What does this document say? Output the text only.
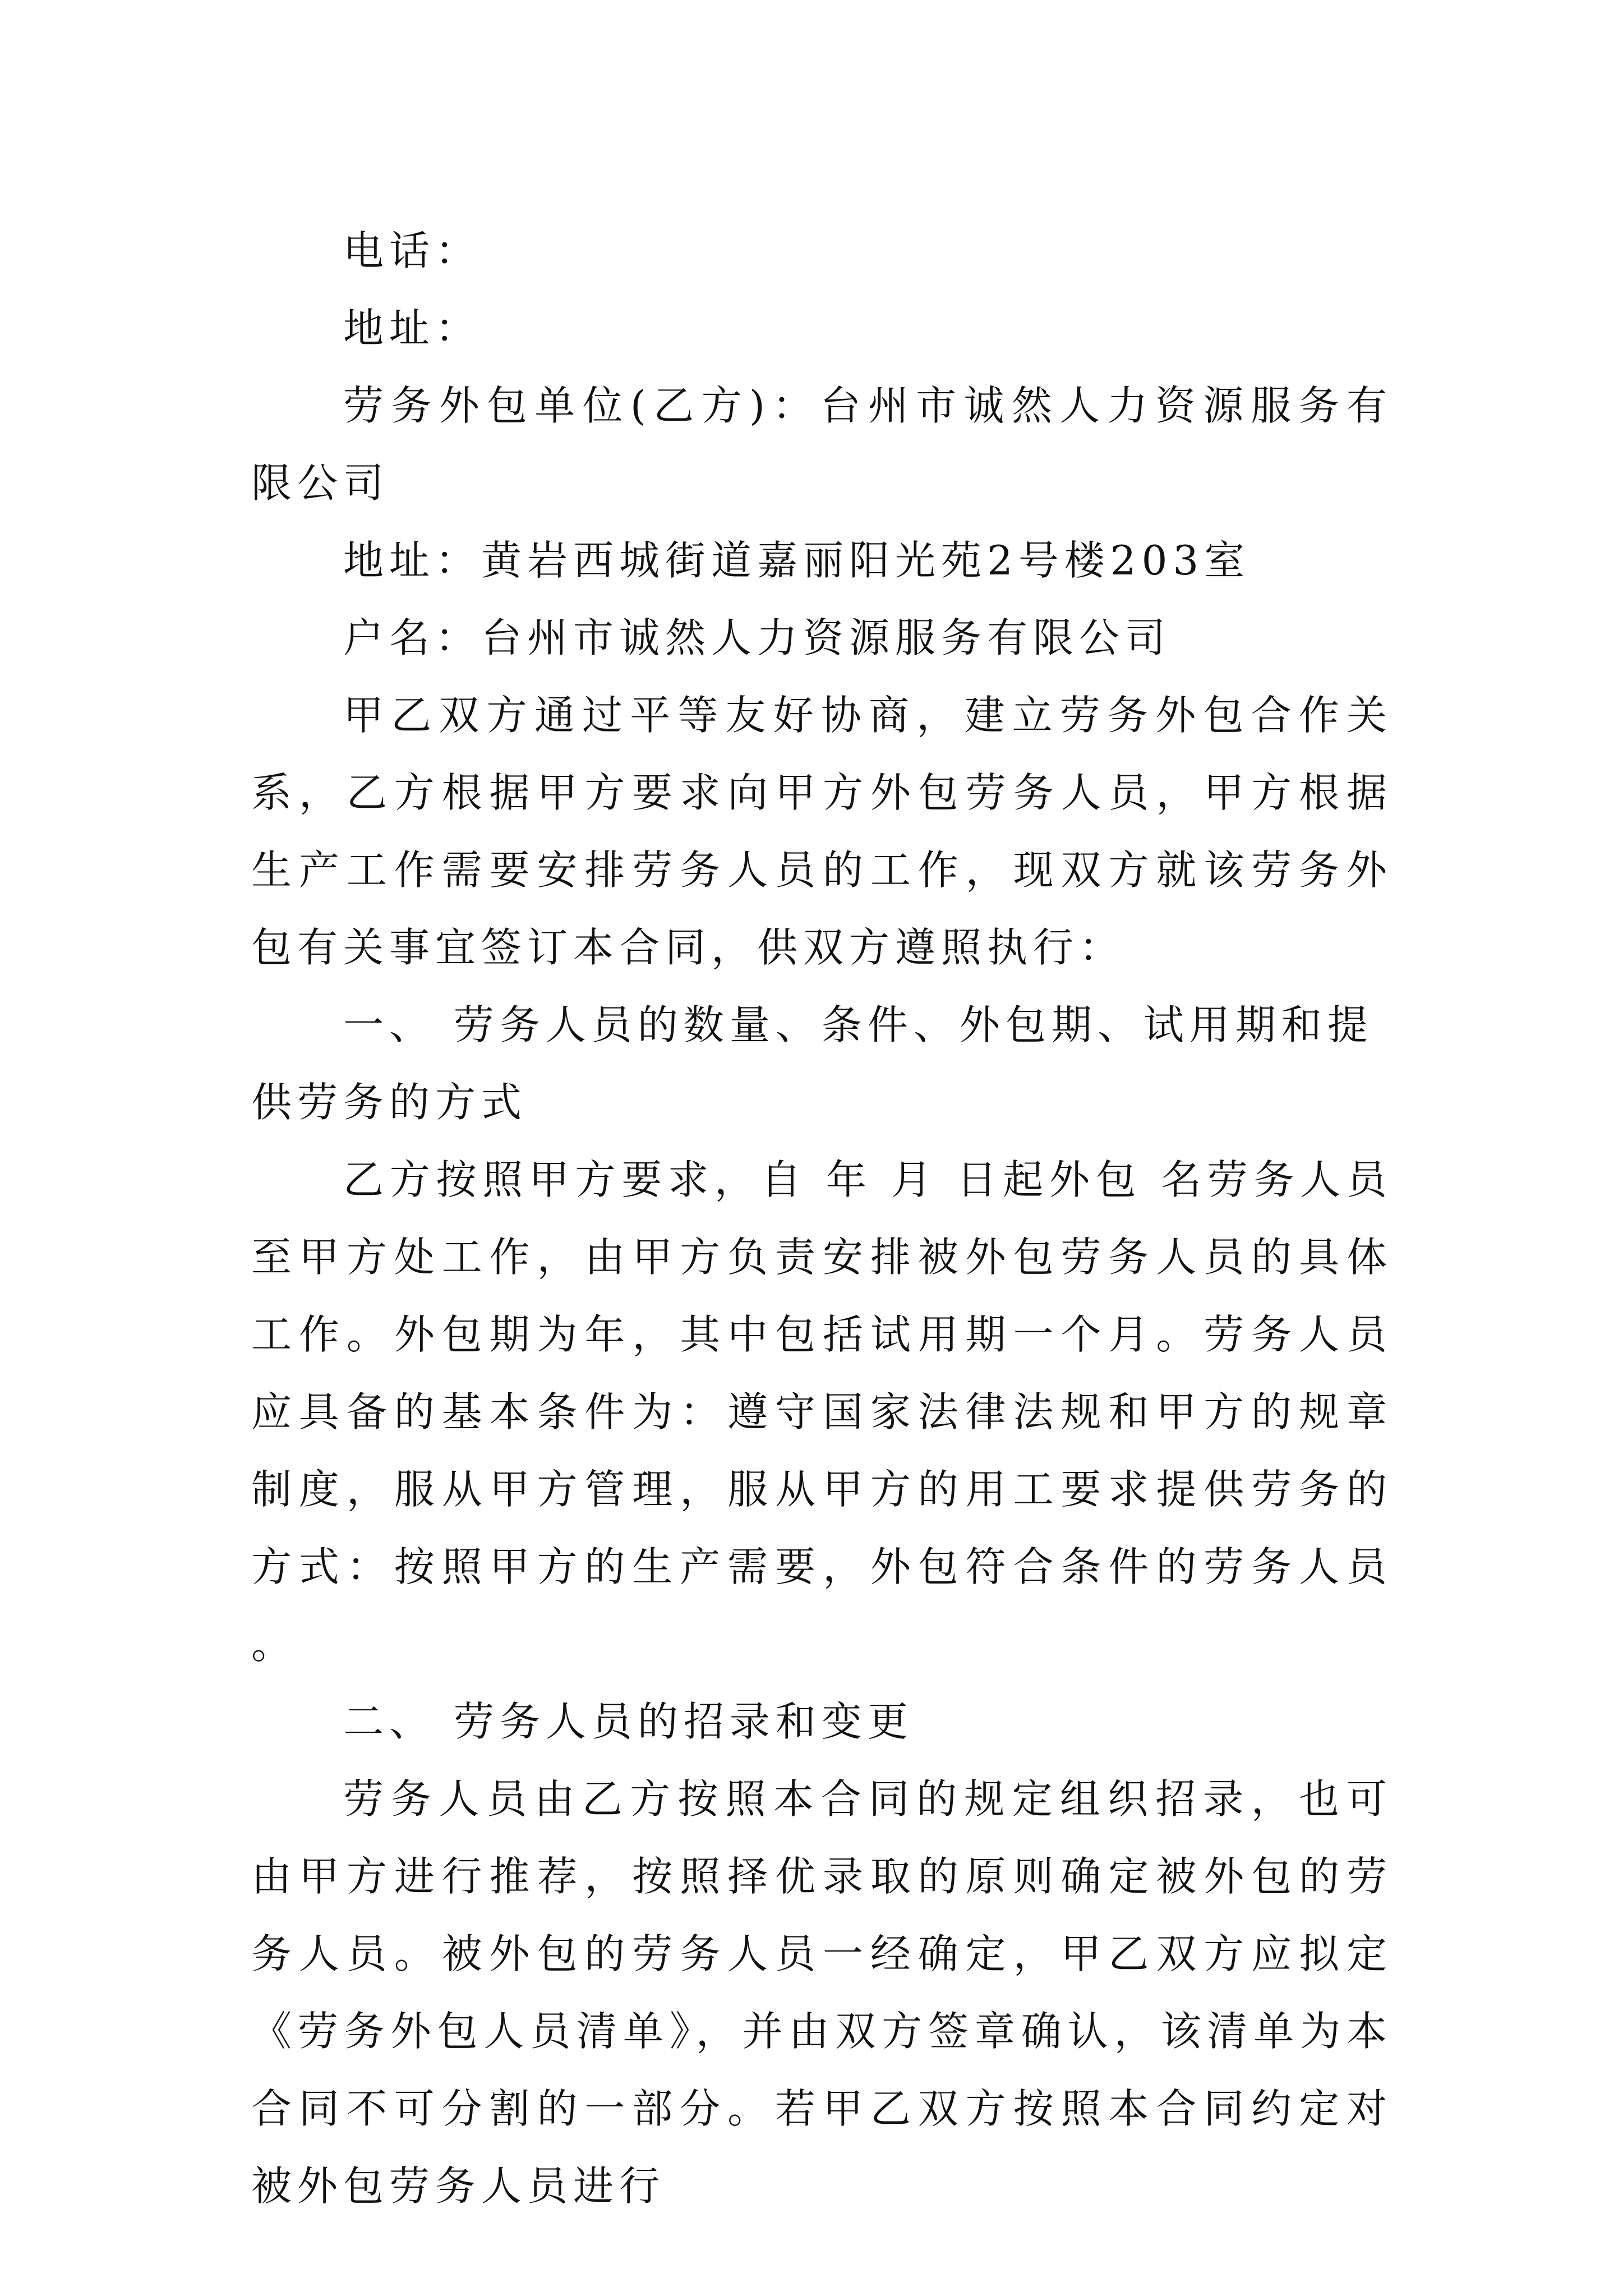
电话：

地址：

劳务外包单位(乙方)：台州市诚然人力资源服务有限公司

地址：黄岩西城街道嘉丽阳光苑2号楼203室

户名：台州市诚然人力资源服务有限公司

甲乙双方通过平等友好协商，建立劳务外包合作关系，乙方根据甲方要求向甲方外包劳务人员，甲方根据生产工作需要安排劳务人员的工作，现双方就该劳务外包有关事宜签订本合同，供双方遵照执行：

一、 劳务人员的数量、条件、外包期、试用期和提供劳务的方式

乙方按照甲方要求，自 年 月 日起外包 名劳务人员至甲方处工作，由甲方负责安排被外包劳务人员的具体工作。外包期为年，其中包括试用期一个月。劳务人员应具备的基本条件为：遵守国家法律法规和甲方的规章制度，服从甲方管理，服从甲方的用工要求提供劳务的方式：按照甲方的生产需要，外包符合条件的劳务人员。

二、 劳务人员的招录和变更

劳务人员由乙方按照本合同的规定组织招录，也可由甲方进行推荐，按照择优录取的原则确定被外包的劳务人员。被外包的劳务人员一经确定，甲乙双方应拟定《劳务外包人员清单》，并由双方签章确认，该清单为本合同不可分割的一部分。若甲乙双方按照本合同约定对被外包劳务人员进行
